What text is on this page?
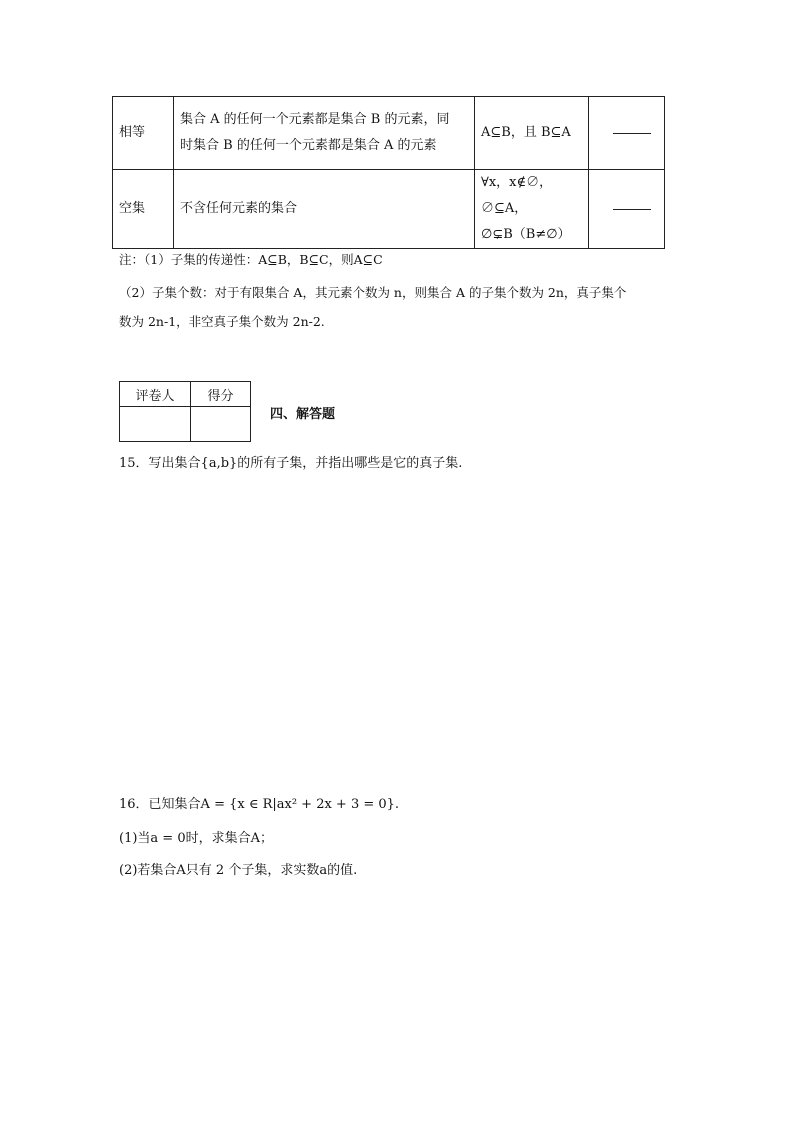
相等	集合 A 的任何一个元素都是集合 B 的元素，同
时集合 B 的任何一个元素都是集合 A 的元素	A⊆B，且 B⊆A	
空集	不含任何元素的集合	∀x，x∉∅，∅⊆A，
∅⊊B（B≠∅）	

注：（1）子集的传递性：A⊆B，B⊆C，则A⊆C
（2）子集个数：对于有限集合 A，其元素个数为 n，则集合 A 的子集个数为 2n，真子集个
数为 2n-1，非空真子集个数为 2n-2.
评卷人	得分

四、解答题
15．写出集合{a,b}的所有子集，并指出哪些是它的真子集.
16．已知集合A = {x ∈ R|ax² + 2x + 3 = 0}.
(1)当a = 0时，求集合A；
(2)若集合A只有 2 个子集，求实数a的值.
